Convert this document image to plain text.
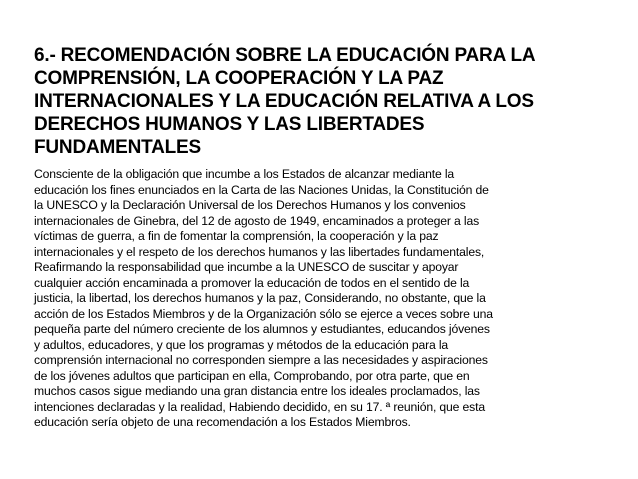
6.- RECOMENDACIÓN SOBRE LA EDUCACIÓN PARA LA
COMPRENSIÓN, LA COOPERACIÓN Y LA PAZ
INTERNACIONALES Y LA EDUCACIÓN RELATIVA A LOS
DERECHOS HUMANOS Y LAS LIBERTADES
FUNDAMENTALES

Consciente de la obligación que incumbe a los Estados de alcanzar mediante la
educación los fines enunciados en la Carta de las Naciones Unidas, la Constitución de
la UNESCO y la Declaración Universal de los Derechos Humanos y los convenios
internacionales de Ginebra, del 12 de agosto de 1949, encaminados a proteger a las
víctimas de guerra, a fin de fomentar la comprensión, la cooperación y la paz
internacionales y el respeto de los derechos humanos y las libertades fundamentales,
Reafirmando la responsabilidad que incumbe a la UNESCO de suscitar y apoyar
cualquier acción encaminada a promover la educación de todos en el sentido de la
justicia, la libertad, los derechos humanos y la paz, Considerando, no obstante, que la
acción de los Estados Miembros y de la Organización sólo se ejerce a veces sobre una
pequeña parte del número creciente de los alumnos y estudiantes, educandos jóvenes
y adultos, educadores, y que los programas y métodos de la educación para la
comprensión internacional no corresponden siempre a las necesidades y aspiraciones
de los jóvenes adultos que participan en ella, Comprobando, por otra parte, que en
muchos casos sigue mediando una gran distancia entre los ideales proclamados, las
intenciones declaradas y la realidad, Habiendo decidido, en su 17. ª reunión, que esta
educación sería objeto de una recomendación a los Estados Miembros.
